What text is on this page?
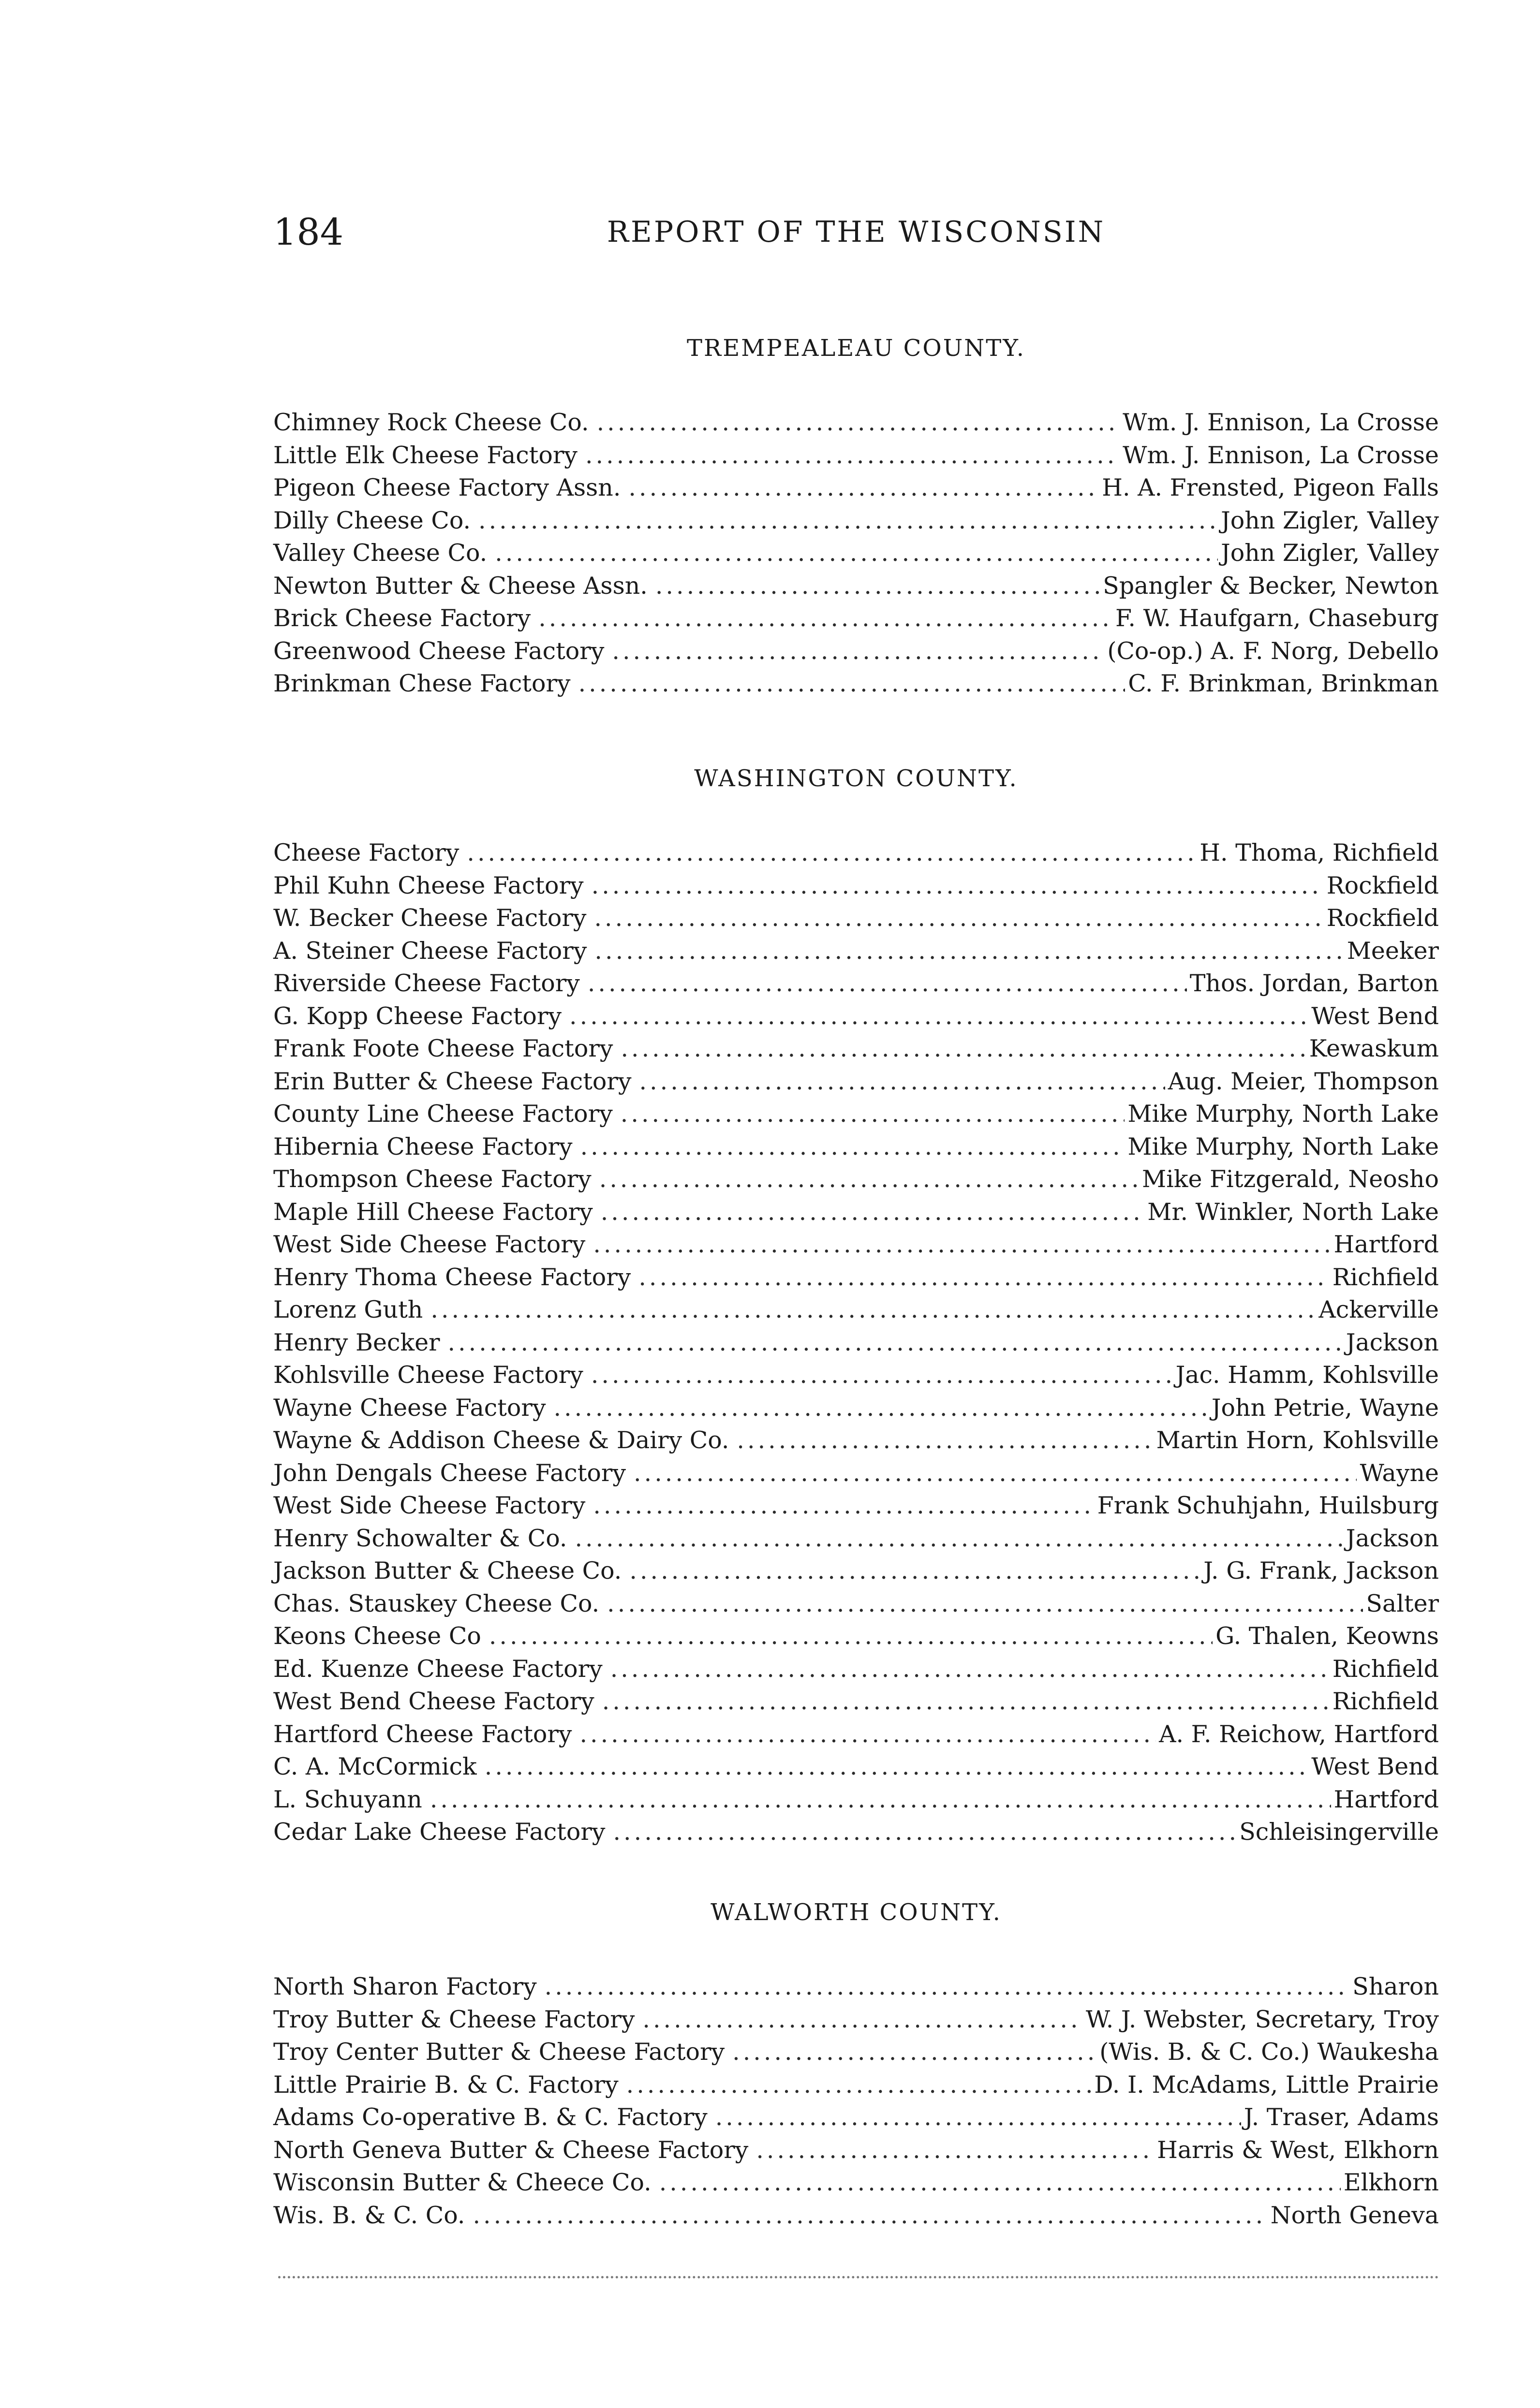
184	REPORT OF THE WISCONSIN
TREMPEALEAU COUNTY.
Chimney Rock Cheese Co. .....	Wm. J. Ennison, La Crosse
Little Elk Cheese Factory .....	Wm. J. Ennison, La Crosse
Pigeon Cheese Factory Assn. .....	H. A. Frensted, Pigeon Falls
Dilly Cheese Co. .....	John Zigler, Valley
Valley Cheese Co. .....	John Zigler, Valley
Newton Butter & Cheese Assn. .....	Spangler & Becker, Newton
Brick Cheese Factory .....	F. W. Haufgarn, Chaseburg
Greenwood Cheese Factory .....	(Co-op.) A. F. Norg, Debello
Brinkman Chese Factory .....	C. F. Brinkman, Brinkman
WASHINGTON COUNTY.
Cheese Factory .....	H. Thoma, Richfield
Phil Kuhn Cheese Factory .....	Rockfield
W. Becker Cheese Factory .....	Rockfield
A. Steiner Cheese Factory .....	Meeker
Riverside Cheese Factory .....	Thos. Jordan, Barton
G. Kopp Cheese Factory .....	West Bend
Frank Foote Cheese Factory .....	Kewaskum
Erin Butter & Cheese Factory .....	Aug. Meier, Thompson
County Line Cheese Factory .....	Mike Murphy, North Lake
Hibernia Cheese Factory .....	Mike Murphy, North Lake
Thompson Cheese Factory .....	Mike Fitzgerald, Neosho
Maple Hill Cheese Factory .....	Mr. Winkler, North Lake
West Side Cheese Factory .....	Hartford
Henry Thoma Cheese Factory .....	Richfield
Lorenz Guth .....	Ackerville
Henry Becker .....	Jackson
Kohlsville Cheese Factory .....	Jac. Hamm, Kohlsville
Wayne Cheese Factory .....	John Petrie, Wayne
Wayne & Addison Cheese & Dairy Co. .....	Martin Horn, Kohlsville
John Dengals Cheese Factory .....	Wayne
West Side Cheese Factory .....	Frank Schuhjahn, Huilsburg
Henry Schowalter & Co. .....	Jackson
Jackson Butter & Cheese Co. .....	J. G. Frank, Jackson
Chas. Stauskey Cheese Co. .....	Salter
Keons Cheese Co .....	G. Thalen, Keowns
Ed. Kuenze Cheese Factory .....	Richfield
West Bend Cheese Factory .....	Richfield
Hartford Cheese Factory .....	A. F. Reichow, Hartford
C. A. McCormick .....	West Bend
L. Schuyann .....	Hartford
Cedar Lake Cheese Factory .....	Schleisingerville
WALWORTH COUNTY.
North Sharon Factory .....	Sharon
Troy Butter & Cheese Factory .....	W. J. Webster, Secretary, Troy
Troy Center Butter & Cheese Factory .....	(Wis. B. & C. Co.) Waukesha
Little Prairie B. & C. Factory .....	D. I. McAdams, Little Prairie
Adams Co-operative B. & C. Factory .....	J. Traser, Adams
North Geneva Butter & Cheese Factory .....	Harris & West, Elkhorn
Wisconsin Butter & Cheece Co. .....	Elkhorn
Wis. B. & C. Co. .....	North Geneva
